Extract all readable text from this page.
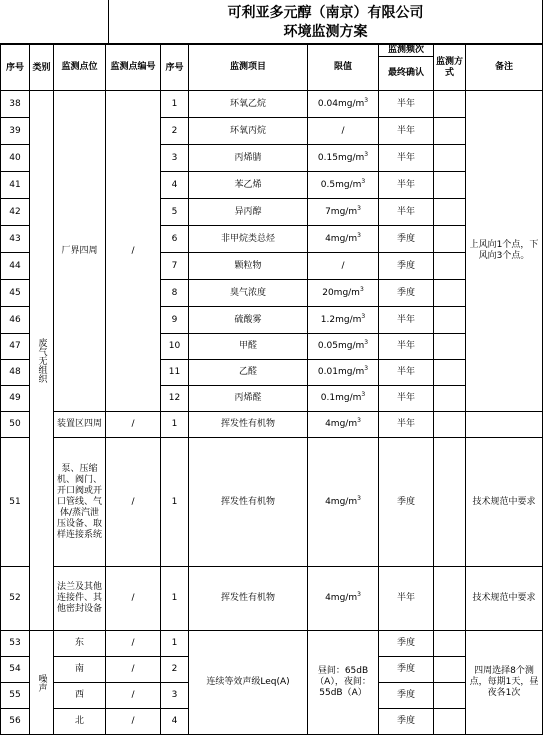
可利亚多元醇（南京）有限公司
环境监测方案
序号	类别	监测点位	监测点编号	序号	监测项目	限值	监测频次	监测方式	备注
							最终确认		
38	废气无组织	厂界四周	/	1	环氧乙烷	$0.04mg/m^3$	半年		上风向1个点，下风向3个点。
39				2	环氧丙烷	/	半年		
40				3	丙烯腈	$0.15mg/m^3$	半年		
41				4	苯乙烯	$0.5mg/m^3$	半年		
42				5	异丙醇	$7mg/m^3$	半年		
43				6	非甲烷类总烃	$4mg/m^3$	季度		
44				7	颗粒物	/	季度		
45				8	臭气浓度	$20mg/m^3$	季度		
46				9	硫酸雾	$1.2mg/m^3$	半年		
47				10	甲醛	$0.05mg/m^3$	半年		
48				11	乙醛	$0.01mg/m^3$	半年		
49				12	丙烯醛	$0.1mg/m^3$	半年		
50		装置区四周	/	1	挥发性有机物	$4mg/m^3$	半年		
51		泵、压缩机、阀门、开口阀或开口管线、气体/蒸汽泄压设备、取样连接系统	/	1	挥发性有机物	$4mg/m^3$	季度		技术规范中要求
52		法兰及其他连接件、其他密封设备	/	1	挥发性有机物	$4mg/m^3$	半年		技术规范中要求
53	噪声	东	/	1	连续等效声级Leq(A)	昼间：65dB（A），夜间：55dB（A）	季度		四周选择8个测点，每期1天，昼夜各1次
54		南	/	2			季度		
55		西	/	3			季度		
56		北	/	4			季度		
